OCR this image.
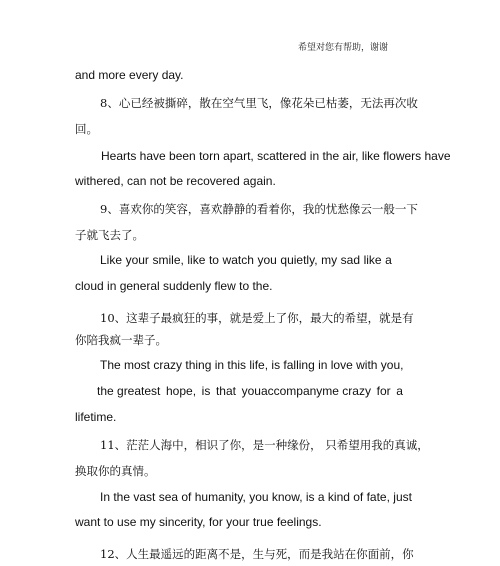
希望对您有帮助，谢谢
and more every day.
8、心已经被撕碎，散在空气里飞，像花朵已枯萎，无法再次收
回。
Hearts have been torn apart, scattered in the air, like flowers have
withered, can not be recovered again.
9、喜欢你的笑容，喜欢静静的看着你，我的忧愁像云一般一下
子就飞去了。
Like your smile, like to watch you quietly, my sad like a
cloud in general suddenly flew to the.
10、这辈子最疯狂的事，就是爱上了你，最大的希望，就是有
你陪我疯一辈子。
The most crazy thing in this life, is falling in love with you,
the greatest hope, is that youaccompanyme crazy for a
lifetime.
11、茫茫人海中，相识了你，是一种缘份， 只希望用我的真诚，
换取你的真情。
In the vast sea of humanity, you know, is a kind of fate, just
want to use my sincerity, for your true feelings.
12、人生最遥远的距离不是，生与死，而是我站在你面前，你
